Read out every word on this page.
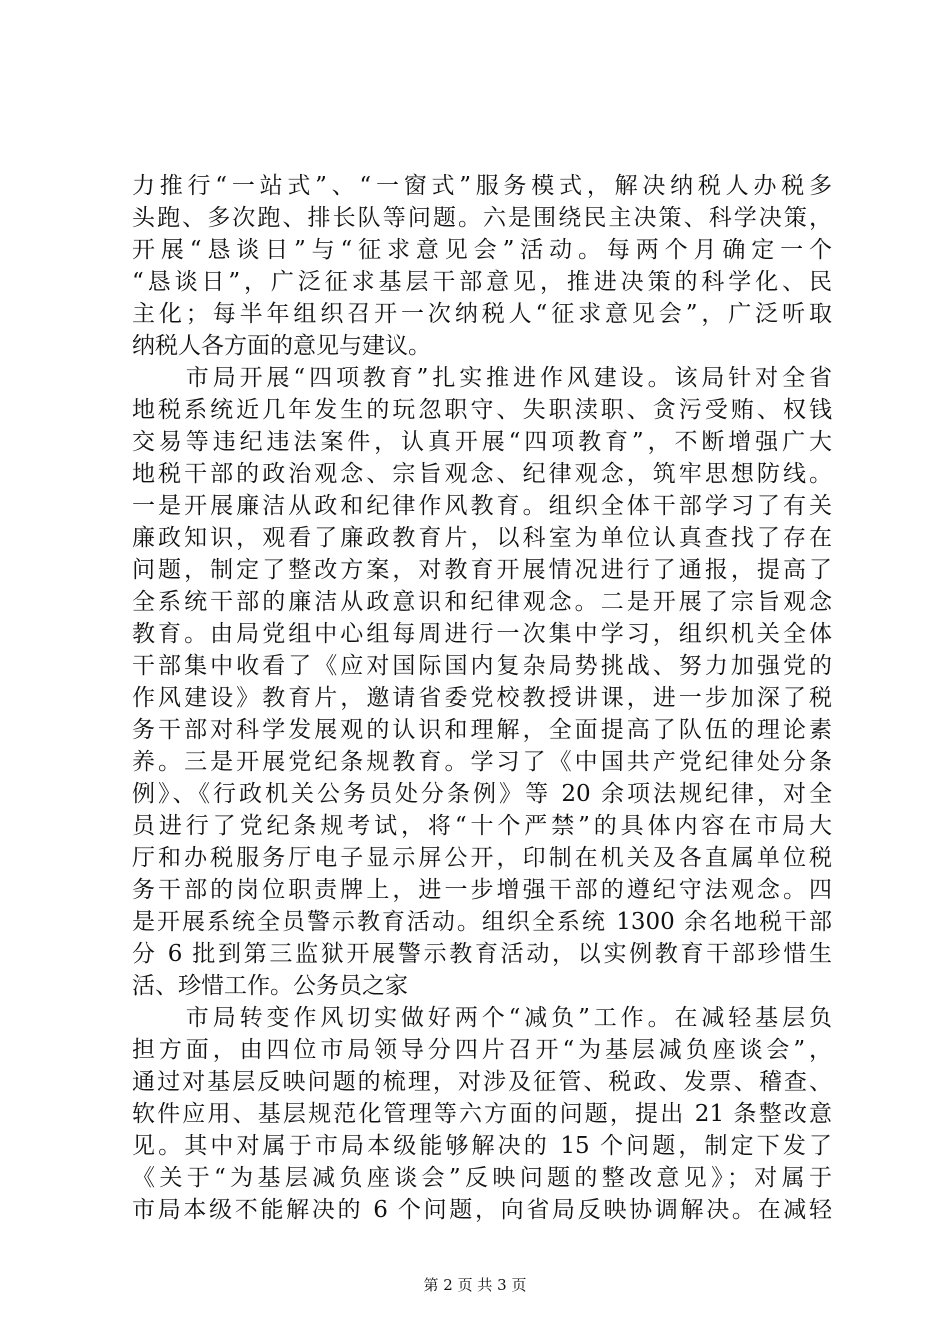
力推行“一站式”、“一窗式”服务模式，解决纳税人办税多
头跑、多次跑、排长队等问题。六是围绕民主决策、科学决策，
开展“恳谈日”与“征求意见会”活动。每两个月确定一个
“恳谈日”，广泛征求基层干部意见，推进决策的科学化、民
主化；每半年组织召开一次纳税人“征求意见会”，广泛听取
纳税人各方面的意见与建议。
　　市局开展“四项教育”扎实推进作风建设。该局针对全省
地税系统近几年发生的玩忽职守、失职渎职、贪污受贿、权钱
交易等违纪违法案件，认真开展“四项教育”，不断增强广大
地税干部的政治观念、宗旨观念、纪律观念，筑牢思想防线。
一是开展廉洁从政和纪律作风教育。组织全体干部学习了有关
廉政知识，观看了廉政教育片，以科室为单位认真查找了存在
问题，制定了整改方案，对教育开展情况进行了通报，提高了
全系统干部的廉洁从政意识和纪律观念。二是开展了宗旨观念
教育。由局党组中心组每周进行一次集中学习，组织机关全体
干部集中收看了《应对国际国内复杂局势挑战、努力加强党的
作风建设》教育片，邀请省委党校教授讲课，进一步加深了税
务干部对科学发展观的认识和理解，全面提高了队伍的理论素
养。三是开展党纪条规教育。学习了《中国共产党纪律处分条
例》、《行政机关公务员处分条例》等 20 余项法规纪律，对全
员进行了党纪条规考试，将“十个严禁”的具体内容在市局大
厅和办税服务厅电子显示屏公开，印制在机关及各直属单位税
务干部的岗位职责牌上，进一步增强干部的遵纪守法观念。四
是开展系统全员警示教育活动。组织全系统 1300 余名地税干部
分 6 批到第三监狱开展警示教育活动，以实例教育干部珍惜生
活、珍惜工作。公务员之家
　　市局转变作风切实做好两个“减负”工作。在减轻基层负
担方面，由四位市局领导分四片召开“为基层减负座谈会”，
通过对基层反映问题的梳理，对涉及征管、税政、发票、稽查、
软件应用、基层规范化管理等六方面的问题，提出 21 条整改意
见。其中对属于市局本级能够解决的 15 个问题，制定下发了
《关于“为基层减负座谈会”反映问题的整改意见》；对属于
市局本级不能解决的 6 个问题，向省局反映协调解决。在减轻
第 2 页 共 3 页
